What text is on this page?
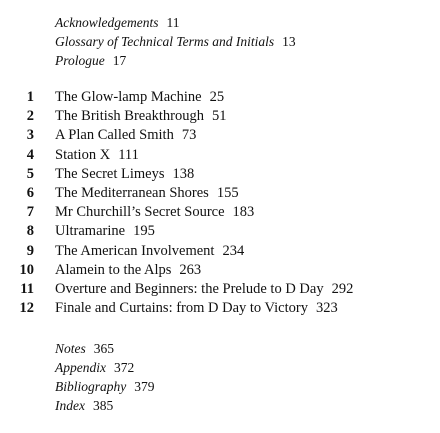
Acknowledgements 11
Glossary of Technical Terms and Initials 13
Prologue 17
1 The Glow-lamp Machine 25
2 The British Breakthrough 51
3 A Plan Called Smith 73
4 Station X 111
5 The Secret Limeys 138
6 The Mediterranean Shores 155
7 Mr Churchill’s Secret Source 183
8 Ultramarine 195
9 The American Involvement 234
10 Alamein to the Alps 263
11 Overture and Beginners: the Prelude to D Day 292
12 Finale and Curtains: from D Day to Victory 323
Notes 365
Appendix 372
Bibliography 379
Index 385
